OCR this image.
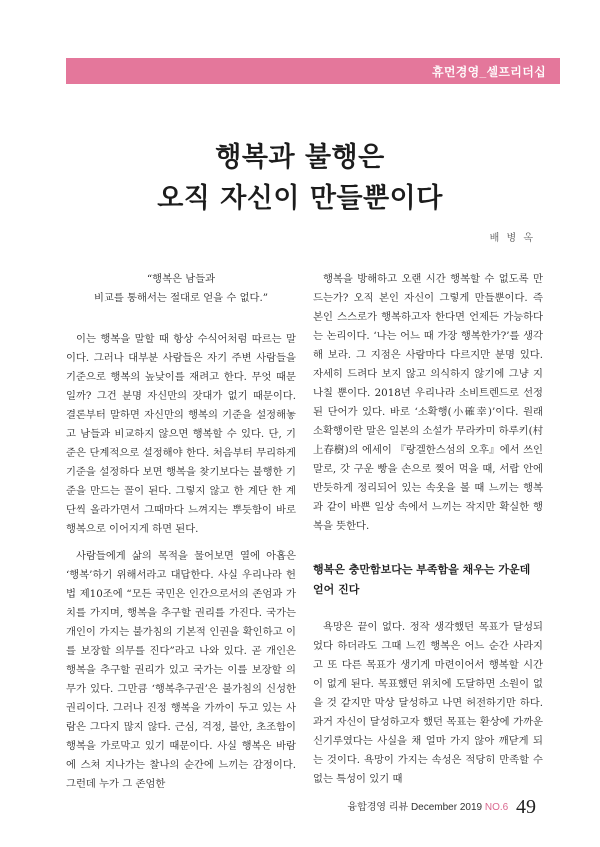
휴먼경영_셀프리더십
행복과 불행은
오직 자신이 만들뿐이다
배 병 옥
“행복은 남들과
비교를 통해서는 절대로 얻을 수 없다.”

이는 행복을 말할 때 항상 수식어처럼 따르는 말이다. 그러나 대부분 사람들은 자기 주변 사람들을 기준으로 행복의 높낮이를 재려고 한다. 무엇 때문일까? 그건 분명 자신만의 잣대가 없기 때문이다. 결론부터 말하면 자신만의 행복의 기준을 설정해놓고 남들과 비교하지 않으면 행복할 수 있다. 단, 기준은 단계적으로 설정해야 한다. 처음부터 무리하게 기준을 설정하다 보면 행복을 찾기보다는 불행한 기준을 만드는 꼴이 된다. 그렇지 않고 한 계단 한 계단씩 올라가면서 그때마다 느껴지는 뿌듯함이 바로 행복으로 이어지게 하면 된다.

사람들에게 삶의 목적을 물어보면 열에 아홉은 ‘행복’하기 위해서라고 대답한다. 사실 우리나라 헌법 제10조에 “모든 국민은 인간으로서의 존엄과 가치를 가지며, 행복을 추구할 권리를 가진다. 국가는 개인이 가지는 불가침의 기본적 인권을 확인하고 이를 보장할 의무를 진다”라고 나와 있다. 곧 개인은 행복을 추구할 권리가 있고 국가는 이를 보장할 의무가 있다. 그만큼 ‘행복추구권’은 불가침의 신성한 권리이다. 그러나 진정 행복을 가까이 두고 있는 사람은 그다지 많지 않다. 근심, 걱정, 불안, 초조함이 행복을 가로막고 있기 때문이다. 사실 행복은 바람에 스쳐 지나가는 찰나의 순간에 느끼는 감정이다. 그런데 누가 그 존엄한

행복을 방해하고 오랜 시간 행복할 수 없도록 만드는가? 오직 본인 자신이 그렇게 만들뿐이다. 즉 본인 스스로가 행복하고자 한다면 언제든 가능하다는 논리이다. ‘나는 어느 때 가장 행복한가?’를 생각해 보라. 그 지점은 사람마다 다르지만 분명 있다. 자세히 드려다 보지 않고 의식하지 않기에 그냥 지나칠 뿐이다. 2018년 우리나라 소비트렌드로 선정된 단어가 있다. 바로 ‘소확행(小確幸)’이다. 원래 소확행이란 말은 일본의 소설가 무라카미 하루키(村上春樹)의 에세이 『랑겔한스섬의 오후』에서 쓰인 말로, 갓 구운 빵을 손으로 찢어 먹을 때, 서랍 안에 반듯하게 정리되어 있는 속옷을 볼 때 느끼는 행복과 같이 바쁜 일상 속에서 느끼는 작지만 확실한 행복을 뜻한다.

행복은 충만함보다는 부족함을 채우는 가운데 얻어 진다

욕망은 끝이 없다. 정작 생각했던 목표가 달성되었다 하더라도 그때 느낀 행복은 어느 순간 사라지고 또 다른 목표가 생기게 마련이어서 행복할 시간이 없게 된다. 목표했던 위치에 도달하면 소원이 없을 것 같지만 막상 달성하고 나면 허전하기만 하다. 과거 자신이 달성하고자 했던 목표는 환상에 가까운 신기루였다는 사실을 채 얼마 가지 않아 깨닫게 되는 것이다. 욕망이 가지는 속성은 적당히 만족할 수 없는 특성이 있기 때

융합경영 리뷰 December 2019 NO.6 49
